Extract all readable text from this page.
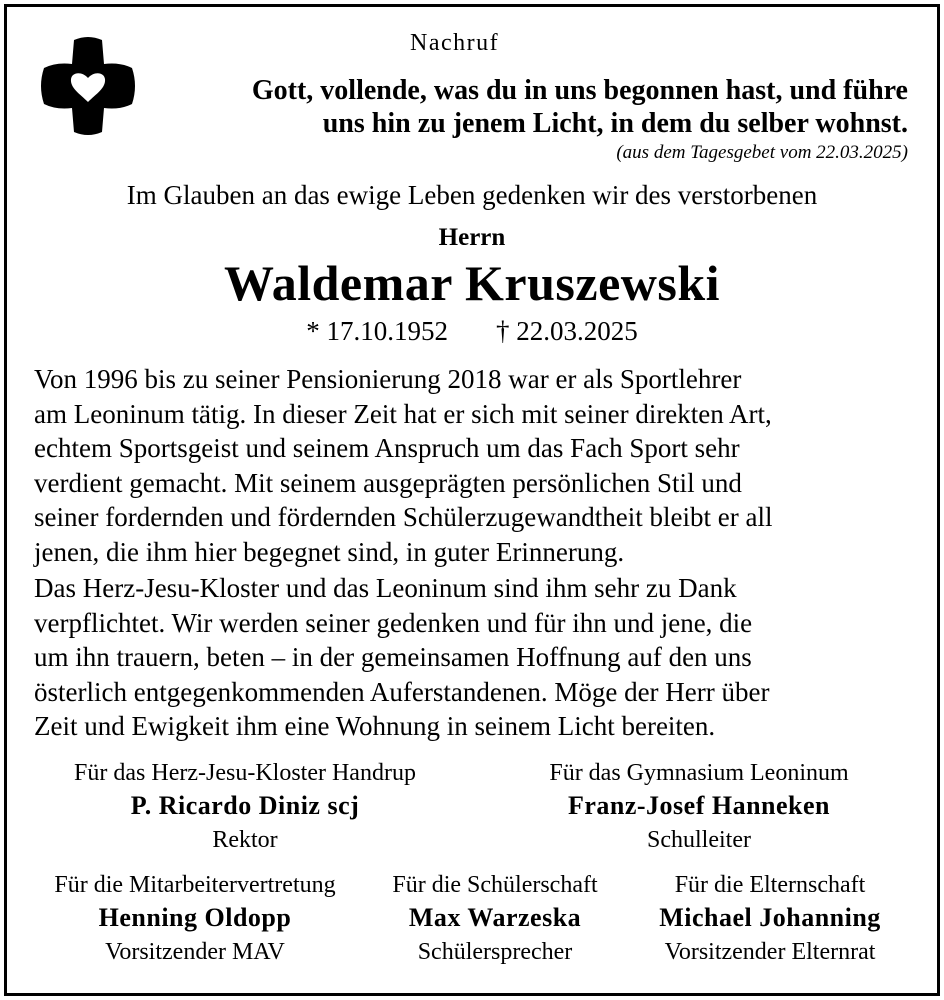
Nachruf
Gott, vollende, was du in uns begonnen hast, und führe
uns hin zu jenem Licht, in dem du selber wohnst.
(aus dem Tagesgebet vom 22.03.2025)
Im Glauben an das ewige Leben gedenken wir des verstorbenen
Herrn
Waldemar Kruszewski
* 17.10.1952 † 22.03.2025
Von 1996 bis zu seiner Pensionierung 2018 war er als Sportlehrer
am Leoninum tätig. In dieser Zeit hat er sich mit seiner direkten Art,
echtem Sportsgeist und seinem Anspruch um das Fach Sport sehr
verdient gemacht. Mit seinem ausgeprägten persönlichen Stil und
seiner fordernden und fördernden Schülerzugewandtheit bleibt er all
jenen, die ihm hier begegnet sind, in guter Erinnerung.
Das Herz-Jesu-Kloster und das Leoninum sind ihm sehr zu Dank
verpflichtet. Wir werden seiner gedenken und für ihn und jene, die
um ihn trauern, beten – in der gemeinsamen Hoffnung auf den uns
österlich entgegenkommenden Auferstandenen. Möge der Herr über
Zeit und Ewigkeit ihm eine Wohnung in seinem Licht bereiten.
Für das Herz-Jesu-Kloster Handrup
P. Ricardo Diniz scj
Rektor
Für das Gymnasium Leoninum
Franz-Josef Hanneken
Schulleiter
Für die Mitarbeitervertretung
Henning Oldopp
Vorsitzender MAV
Für die Schülerschaft
Max Warzeska
Schülersprecher
Für die Elternschaft
Michael Johanning
Vorsitzender Elternrat
